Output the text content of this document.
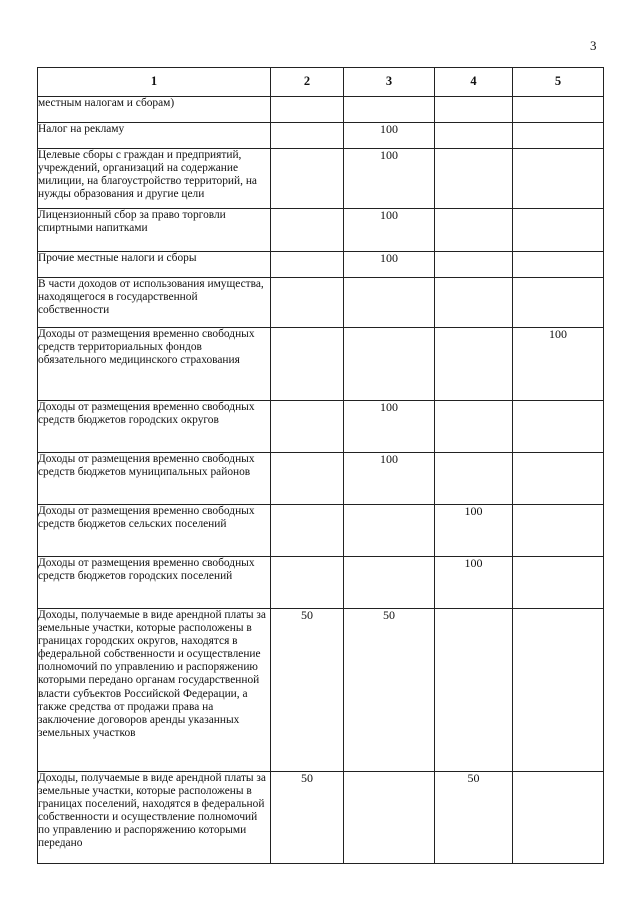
3
1	2	3	4	5
местным налогам и сборам)				
Налог на рекламу		100		
Целевые сборы с граждан и предприятий, учреждений, организаций на содержание милиции, на благоустройство территорий, на нужды образования и другие цели		100		
Лицензионный сбор за право торговли спиртными напитками		100		
Прочие местные налоги и сборы		100		
В части доходов от использования имущества, находящегося в государственной собственности				
Доходы от размещения временно свободных средств территориальных фондов обязательного медицинского страхования				100
Доходы от размещения временно свободных средств бюджетов городских округов		100		
Доходы от размещения временно свободных средств бюджетов муниципальных районов		100		
Доходы от размещения временно свободных средств бюджетов сельских поселений			100	
Доходы от размещения временно свободных средств бюджетов городских поселений			100	
Доходы, получаемые в виде арендной платы за земельные участки, которые расположены в границах городских округов, находятся в федеральной собственности и осуществление полномочий по управлению и распоряжению которыми передано органам государственной власти субъектов Российской Федерации, а также средства от продажи права на заключение договоров аренды указанных земельных участков	50	50		
Доходы, получаемые в виде арендной платы за земельные участки, которые расположены в границах поселений, находятся в федеральной собственности и осуществление полномочий по управлению и распоряжению которыми передано	50		50	
